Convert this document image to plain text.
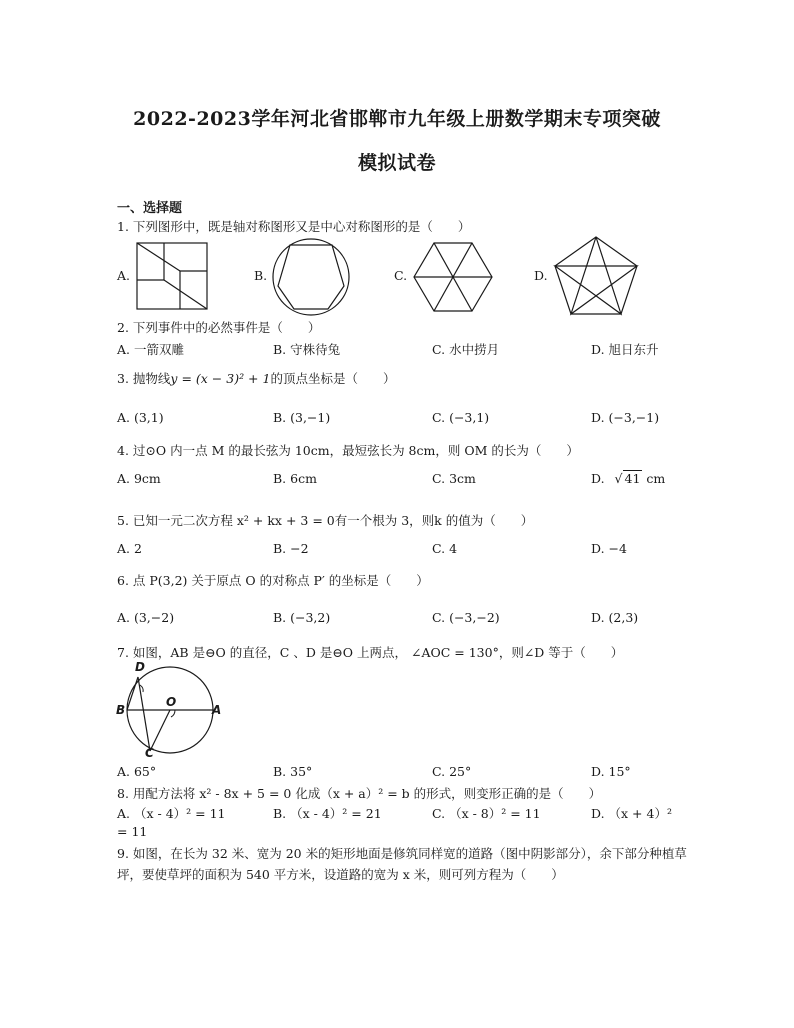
2022-2023学年河北省邯郸市九年级上册数学期末专项突破
模拟试卷
一、选择题
1. 下列图形中，既是轴对称图形又是中心对称图形的是（　　）
A.	B.	C.	D.
2. 下列事件中的必然事件是（　　）
A. 一箭双雕	B. 守株待兔	C. 水中捞月	D. 旭日东升
3. 抛物线y = (x − 3)² + 1的顶点坐标是（　　）
A. (3,1)	B. (3,−1)	C. (−3,1)	D. (−3,−1)
4. 过⊙O 内一点 M 的最长弦为 10cm，最短弦长为 8cm，则 OM 的长为（　　）
A. 9cm	B. 6cm	C. 3cm	D. √ 41 cm
5. 已知一元二次方程 x² + kx + 3 = 0有一个根为 3，则k 的值为（　　）
A. 2	B. −2	C. 4	D. −4
6. 点 P(3,2) 关于原点 O 的对称点 P′ 的坐标是（　　）
A. (3,−2)	B. (−3,2)	C. (−3,−2)	D. (2,3)
7. 如图，AB 是⊖O 的直径，C 、D 是⊖O 上两点， ∠AOC = 130°，则∠D 等于（　　）
D
B
O
A
C
A. 65°	B. 35°	C. 25°	D. 15°
8. 用配方法将 x² - 8x + 5 = 0 化成（x + a）² = b 的形式，则变形正确的是（　　）
A. （x - 4）² = 11	B. （x - 4）² = 21	C. （x - 8）² = 11	D. （x + 4）²
= 11
9. 如图，在长为 32 米、宽为 20 米的矩形地面是修筑同样宽的道路（图中阴影部分），余下部分种植草坪，要使草坪的面积为 540 平方米，设道路的宽为 x 米，则可列方程为（　　）
